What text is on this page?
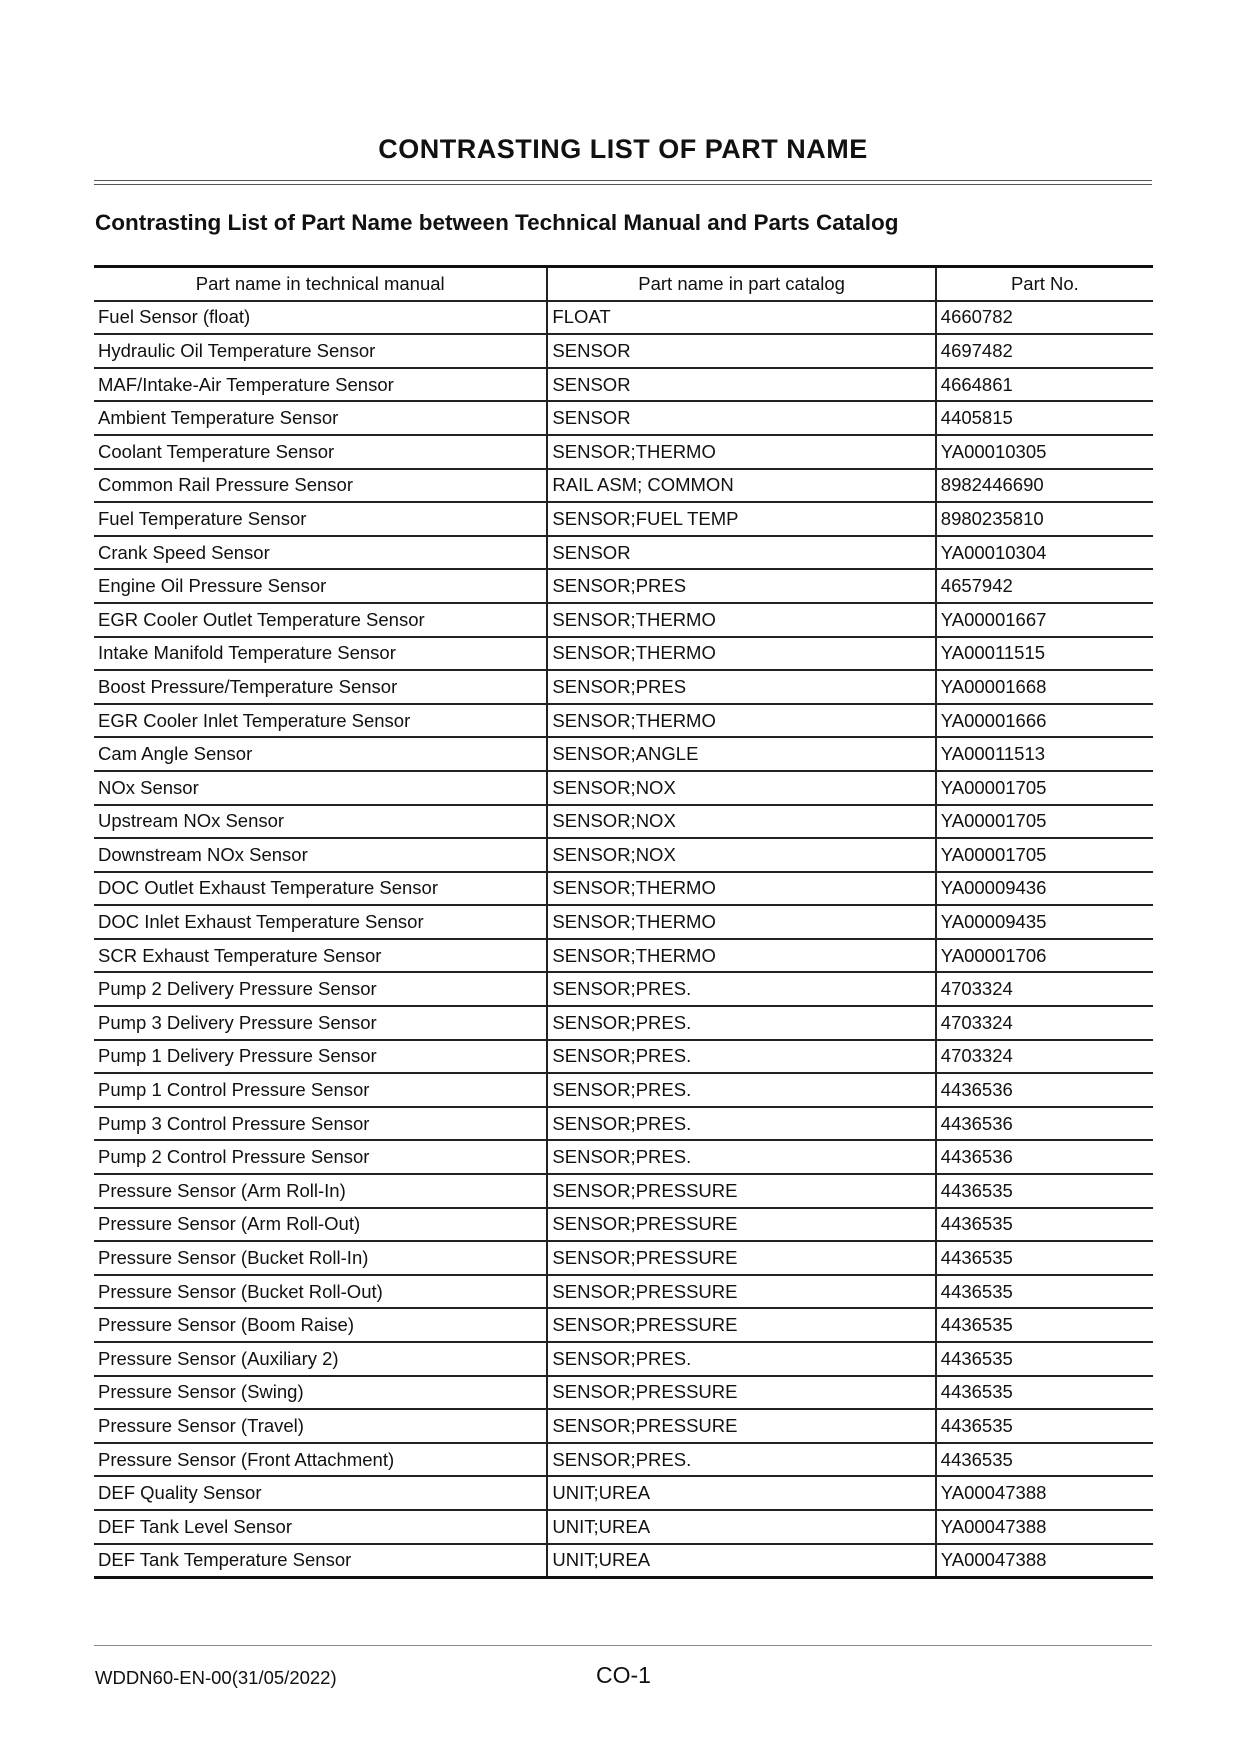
CONTRASTING LIST OF PART NAME
Contrasting List of Part Name between Technical Manual and Parts Catalog
Part name in technical manual	Part name in part catalog	Part No.
Fuel Sensor (float)	FLOAT	4660782
Hydraulic Oil Temperature Sensor	SENSOR	4697482
MAF/Intake-Air Temperature Sensor	SENSOR	4664861
Ambient Temperature Sensor	SENSOR	4405815
Coolant Temperature Sensor	SENSOR;THERMO	YA00010305
Common Rail Pressure Sensor	RAIL ASM; COMMON	8982446690
Fuel Temperature Sensor	SENSOR;FUEL TEMP	8980235810
Crank Speed Sensor	SENSOR	YA00010304
Engine Oil Pressure Sensor	SENSOR;PRES	4657942
EGR Cooler Outlet Temperature Sensor	SENSOR;THERMO	YA00001667
Intake Manifold Temperature Sensor	SENSOR;THERMO	YA00011515
Boost Pressure/Temperature Sensor	SENSOR;PRES	YA00001668
EGR Cooler Inlet Temperature Sensor	SENSOR;THERMO	YA00001666
Cam Angle Sensor	SENSOR;ANGLE	YA00011513
NOx Sensor	SENSOR;NOX	YA00001705
Upstream NOx Sensor	SENSOR;NOX	YA00001705
Downstream NOx Sensor	SENSOR;NOX	YA00001705
DOC Outlet Exhaust Temperature Sensor	SENSOR;THERMO	YA00009436
DOC Inlet Exhaust Temperature Sensor	SENSOR;THERMO	YA00009435
SCR Exhaust Temperature Sensor	SENSOR;THERMO	YA00001706
Pump 2 Delivery Pressure Sensor	SENSOR;PRES.	4703324
Pump 3 Delivery Pressure Sensor	SENSOR;PRES.	4703324
Pump 1 Delivery Pressure Sensor	SENSOR;PRES.	4703324
Pump 1 Control Pressure Sensor	SENSOR;PRES.	4436536
Pump 3 Control Pressure Sensor	SENSOR;PRES.	4436536
Pump 2 Control Pressure Sensor	SENSOR;PRES.	4436536
Pressure Sensor (Arm Roll-In)	SENSOR;PRESSURE	4436535
Pressure Sensor (Arm Roll-Out)	SENSOR;PRESSURE	4436535
Pressure Sensor (Bucket Roll-In)	SENSOR;PRESSURE	4436535
Pressure Sensor (Bucket Roll-Out)	SENSOR;PRESSURE	4436535
Pressure Sensor (Boom Raise)	SENSOR;PRESSURE	4436535
Pressure Sensor (Auxiliary 2)	SENSOR;PRES.	4436535
Pressure Sensor (Swing)	SENSOR;PRESSURE	4436535
Pressure Sensor (Travel)	SENSOR;PRESSURE	4436535
Pressure Sensor (Front Attachment)	SENSOR;PRES.	4436535
DEF Quality Sensor	UNIT;UREA	YA00047388
DEF Tank Level Sensor	UNIT;UREA	YA00047388
DEF Tank Temperature Sensor	UNIT;UREA	YA00047388
WDDN60-EN-00(31/05/2022)	CO-1
